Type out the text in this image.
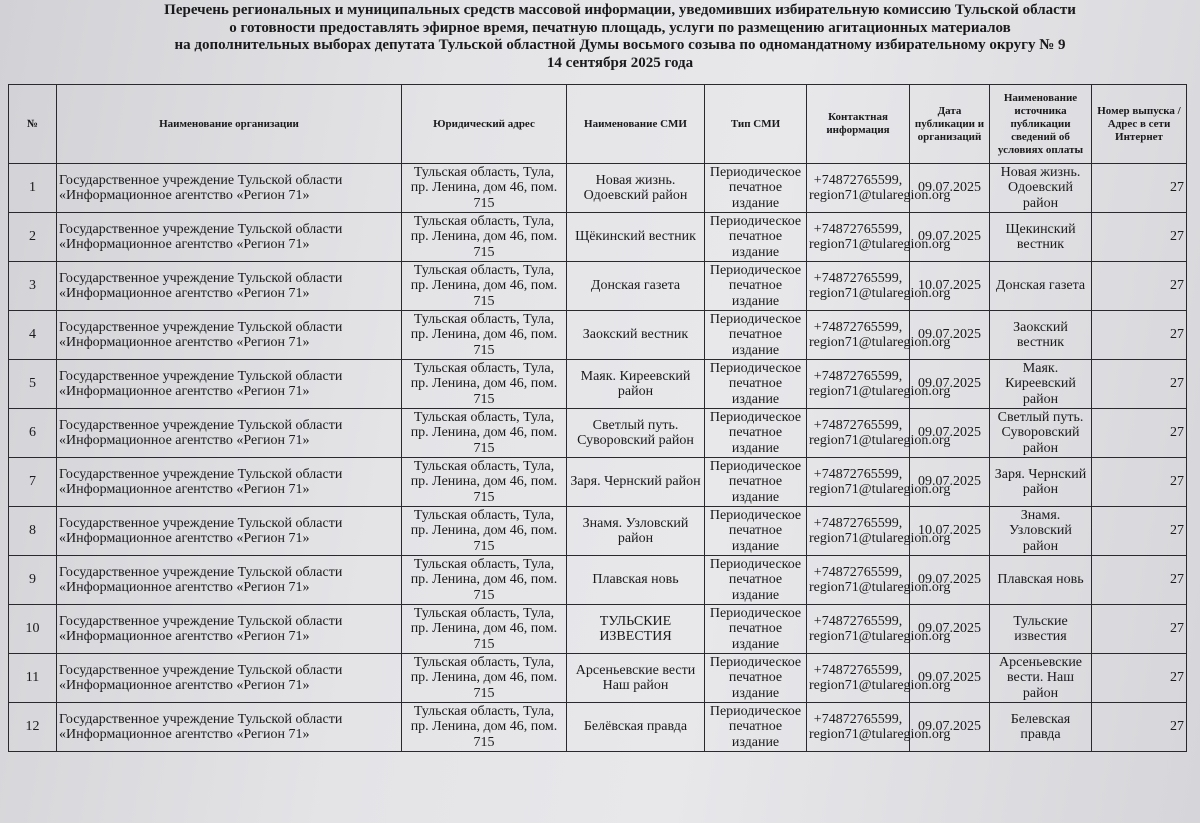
Перечень региональных и муниципальных средств массовой информации, уведомивших избирательную комиссию Тульской области
о готовности предоставлять эфирное время, печатную площадь, услуги по размещению агитационных материалов
на дополнительных выборах депутата Тульской областной Думы восьмого созыва по одномандатному избирательному округу № 9
14 сентября 2025 года
№	Наименование организации	Юридический адрес	Наименование СМИ	Тип СМИ	Контактная информация	Дата публикации и организаций	Наименование источника публикации сведений об условиях оплаты	Номер выпуска / Адрес в сети Интернет
1	Государственное учреждение Тульской области «Информационное агентство «Регион 71»	Тульская область, Тула, пр. Ленина, дом 46, пом. 715	Новая жизнь. Одоевский район	Периодическое печатное издание	+74872765599, region71@tularegion.org	09.07.2025	Новая жизнь. Одоевский район	27
2	Государственное учреждение Тульской области «Информационное агентство «Регион 71»	Тульская область, Тула, пр. Ленина, дом 46, пом. 715	Щёкинский вестник	Периодическое печатное издание	+74872765599, region71@tularegion.org	09.07.2025	Щекинский вестник	27
3	Государственное учреждение Тульской области «Информационное агентство «Регион 71»	Тульская область, Тула, пр. Ленина, дом 46, пом. 715	Донская газета	Периодическое печатное издание	+74872765599, region71@tularegion.org	10.07.2025	Донская газета	27
4	Государственное учреждение Тульской области «Информационное агентство «Регион 71»	Тульская область, Тула, пр. Ленина, дом 46, пом. 715	Заокский вестник	Периодическое печатное издание	+74872765599, region71@tularegion.org	09.07.2025	Заокский вестник	27
5	Государственное учреждение Тульской области «Информационное агентство «Регион 71»	Тульская область, Тула, пр. Ленина, дом 46, пом. 715	Маяк. Киреевский район	Периодическое печатное издание	+74872765599, region71@tularegion.org	09.07.2025	Маяк. Киреевский район	27
6	Государственное учреждение Тульской области «Информационное агентство «Регион 71»	Тульская область, Тула, пр. Ленина, дом 46, пом. 715	Светлый путь. Суворовский район	Периодическое печатное издание	+74872765599, region71@tularegion.org	09.07.2025	Светлый путь. Суворовский район	27
7	Государственное учреждение Тульской области «Информационное агентство «Регион 71»	Тульская область, Тула, пр. Ленина, дом 46, пом. 715	Заря. Чернский район	Периодическое печатное издание	+74872765599, region71@tularegion.org	09.07.2025	Заря. Чернский район	27
8	Государственное учреждение Тульской области «Информационное агентство «Регион 71»	Тульская область, Тула, пр. Ленина, дом 46, пом. 715	Знамя. Узловский район	Периодическое печатное издание	+74872765599, region71@tularegion.org	10.07.2025	Знамя. Узловский район	27
9	Государственное учреждение Тульской области «Информационное агентство «Регион 71»	Тульская область, Тула, пр. Ленина, дом 46, пом. 715	Плавская новь	Периодическое печатное издание	+74872765599, region71@tularegion.org	09.07.2025	Плавская новь	27
10	Государственное учреждение Тульской области «Информационное агентство «Регион 71»	Тульская область, Тула, пр. Ленина, дом 46, пом. 715	ТУЛЬСКИЕ ИЗВЕСТИЯ	Периодическое печатное издание	+74872765599, region71@tularegion.org	09.07.2025	Тульские известия	27
11	Государственное учреждение Тульской области «Информационное агентство «Регион 71»	Тульская область, Тула, пр. Ленина, дом 46, пом. 715	Арсеньевские вести Наш район	Периодическое печатное издание	+74872765599, region71@tularegion.org	09.07.2025	Арсеньевские вести. Наш район	27
12	Государственное учреждение Тульской области «Информационное агентство «Регион 71»	Тульская область, Тула, пр. Ленина, дом 46, пом. 715	Белёвская правда	Периодическое печатное издание	+74872765599, region71@tularegion.org	09.07.2025	Белевская правда	27
